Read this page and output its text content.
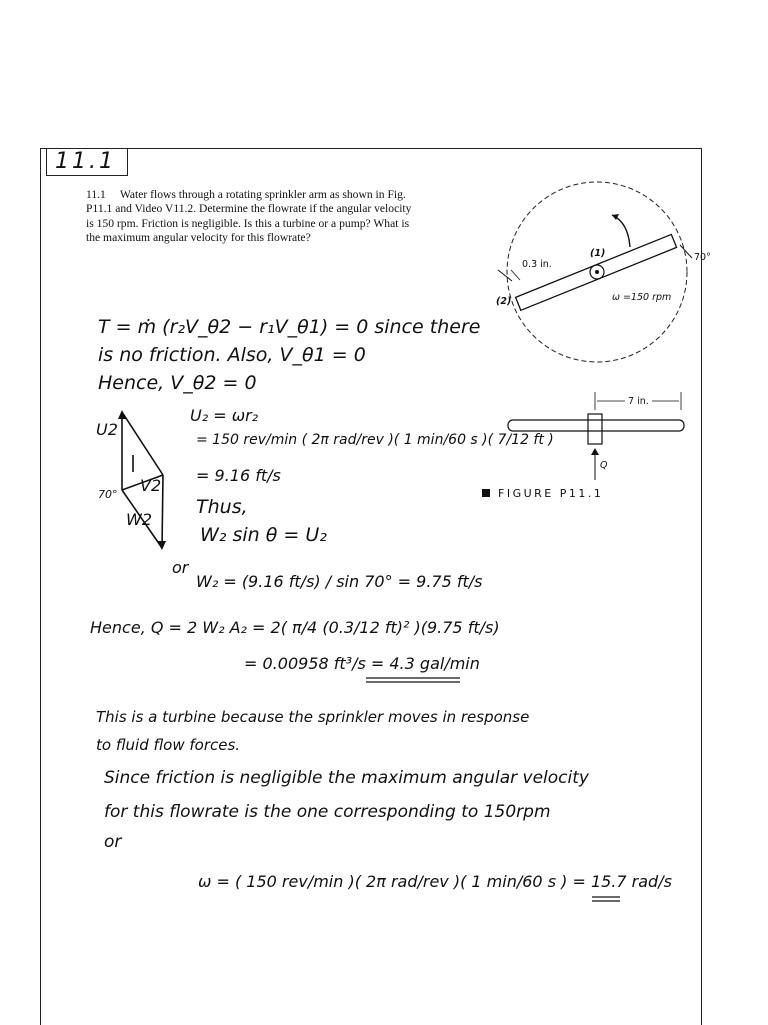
11.1
11.1 Water flows through a rotating sprinkler arm as shown in Fig. P11.1 and Video V11.2. Determine the flowrate if the angular velocity is 150 rpm. Friction is negligible. Is this a turbine or a pump? What is the maximum angular velocity for this flowrate?
0.3 in.
(1)
(2)
70°
ω =150 rpm
7 in.
Q
FIGURE P11.1
U2
V2
W2
70°
T = ṁ (r₂V_θ2 − r₁V_θ1) = 0 since there
is no friction. Also, V_θ1 = 0
Hence, V_θ2 = 0
U₂ = ωr₂
= 150 rev/min ( 2π rad/rev )( 1 min/60 s )( 7/12 ft )
= 9.16 ft/s
Thus,
W₂ sin θ = U₂
or
W₂ = (9.16 ft/s) / sin 70° = 9.75 ft/s
Hence, Q = 2 W₂ A₂ = 2( π/4 (0.3/12 ft)² )(9.75 ft/s)
= 0.00958 ft³/s = 4.3 gal/min
This is a turbine because the sprinkler moves in response
to fluid flow forces.
Since friction is negligible the maximum angular velocity
for this flowrate is the one corresponding to 150rpm
or
ω = ( 150 rev/min )( 2π rad/rev )( 1 min/60 s ) = 15.7 rad/s
